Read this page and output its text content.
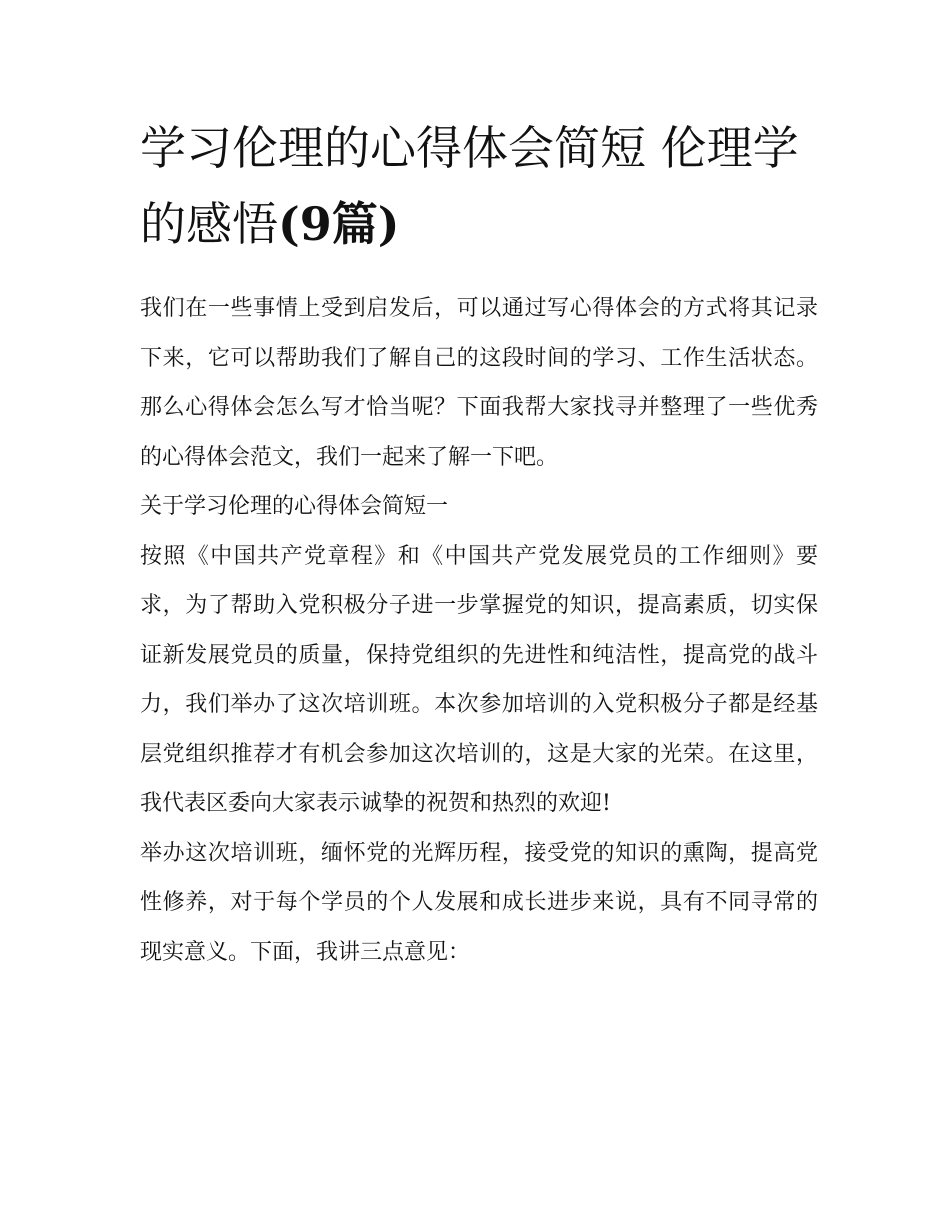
学习伦理的心得体会简短 伦理学的感悟(9篇)

我们在一些事情上受到启发后，可以通过写心得体会的方式将其记录下来，它可以帮助我们了解自己的这段时间的学习、工作生活状态。那么心得体会怎么写才恰当呢？下面我帮大家找寻并整理了一些优秀的心得体会范文，我们一起来了解一下吧。

关于学习伦理的心得体会简短一

按照《中国共产党章程》和《中国共产党发展党员的工作细则》要求，为了帮助入党积极分子进一步掌握党的知识，提高素质，切实保证新发展党员的质量，保持党组织的先进性和纯洁性，提高党的战斗力，我们举办了这次培训班。本次参加培训的入党积极分子都是经基层党组织推荐才有机会参加这次培训的，这是大家的光荣。在这里，我代表区委向大家表示诚挚的祝贺和热烈的欢迎!

举办这次培训班，缅怀党的光辉历程，接受党的知识的熏陶，提高党性修养，对于每个学员的个人发展和成长进步来说，具有不同寻常的现实意义。下面，我讲三点意见：
